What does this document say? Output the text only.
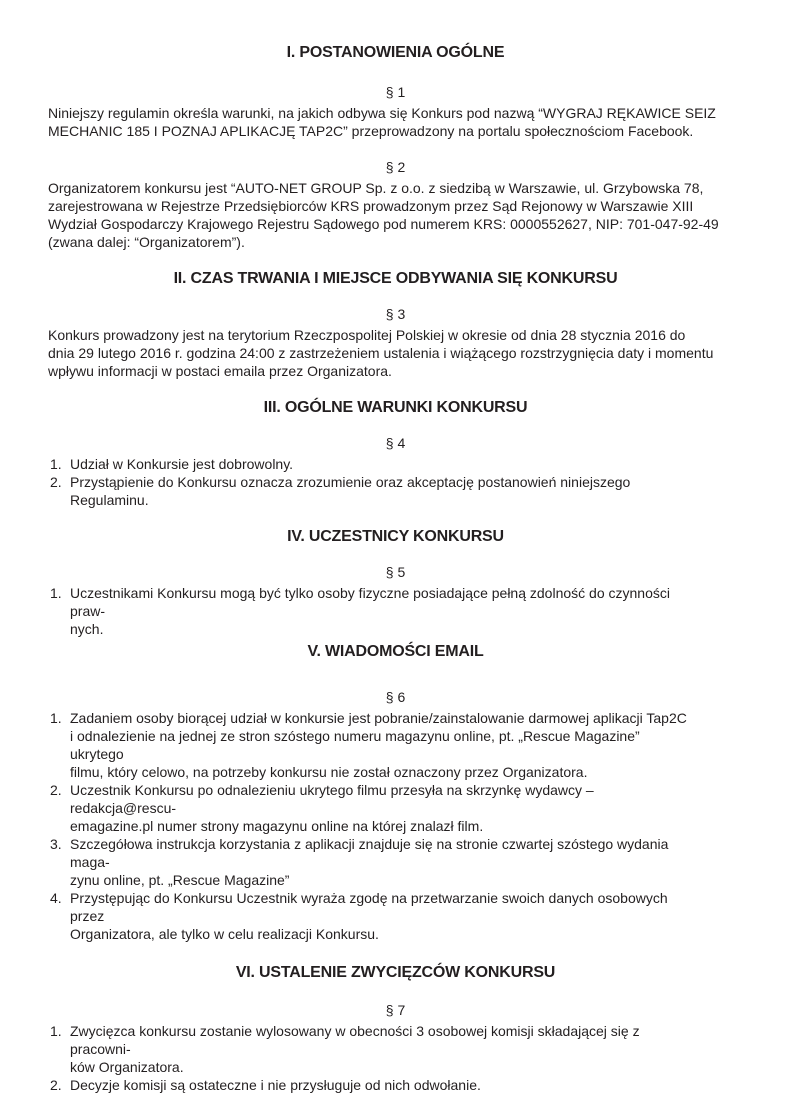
I. POSTANOWIENIA OGÓLNE

§ 1

Niniejszy regulamin określa warunki, na jakich odbywa się Konkurs pod nazwą “WYGRAJ RĘKAWICE SEIZ
MECHANIC 185 I POZNAJ APLIKACJĘ TAP2C” przeprowadzony na portalu społecznościom Facebook.

§ 2

Organizatorem konkursu jest “AUTO-NET GROUP Sp. z o.o. z siedzibą w Warszawie, ul. Grzybowska 78,
zarejestrowana w Rejestrze Przedsiębiorców KRS prowadzonym przez Sąd Rejonowy w Warszawie XIII
Wydział Gospodarczy Krajowego Rejestru Sądowego pod numerem KRS: 0000552627, NIP: 701-047-92-49
(zwana dalej: “Organizatorem”).

II. CZAS TRWANIA I MIEJSCE ODBYWANIA SIĘ KONKURSU

§ 3

Konkurs prowadzony jest na terytorium Rzeczpospolitej Polskiej w okresie od dnia 28 stycznia 2016 do
dnia 29 lutego 2016 r. godzina 24:00 z zastrzeżeniem ustalenia i wiążącego rozstrzygnięcia daty i momentu
wpływu informacji w postaci emaila przez Organizatora.

III. OGÓLNE WARUNKI KONKURSU

§ 4

1. Udział w Konkursie jest dobrowolny.
2. Przystąpienie do Konkursu oznacza zrozumienie oraz akceptację postanowień niniejszego Regulaminu.
IV. UCZESTNICY KONKURSU

§ 5

1. Uczestnikami Konkursu mogą być tylko osoby fizyczne posiadające pełną zdolność do czynności praw-
nych.
V. WIADOMOŚCI EMAIL

§ 6

1. Zadaniem osoby biorącej udział w konkursie jest pobranie/zainstalowanie darmowej aplikacji Tap2C
i odnalezienie na jednej ze stron szóstego numeru magazynu online, pt. „Rescue Magazine” ukrytego
filmu, który celowo, na potrzeby konkursu nie został oznaczony przez Organizatora.
2. Uczestnik Konkursu po odnalezieniu ukrytego filmu przesyła na skrzynkę wydawcy – redakcja@rescu-
emagazine.pl numer strony magazynu online na której znalazł film.
3. Szczegółowa instrukcja korzystania z aplikacji znajduje się na stronie czwartej szóstego wydania maga-
zynu online, pt. „Rescue Magazine”
4. Przystępując do Konkursu Uczestnik wyraża zgodę na przetwarzanie swoich danych osobowych przez
Organizatora, ale tylko w celu realizacji Konkursu.
VI. USTALENIE ZWYCIĘZCÓW KONKURSU

§ 7

1. Zwycięzca konkursu zostanie wylosowany w obecności 3 osobowej komisji składającej się z pracowni-
ków Organizatora.
2. Decyzje komisji są ostateczne i nie przysługuje od nich odwołanie.
